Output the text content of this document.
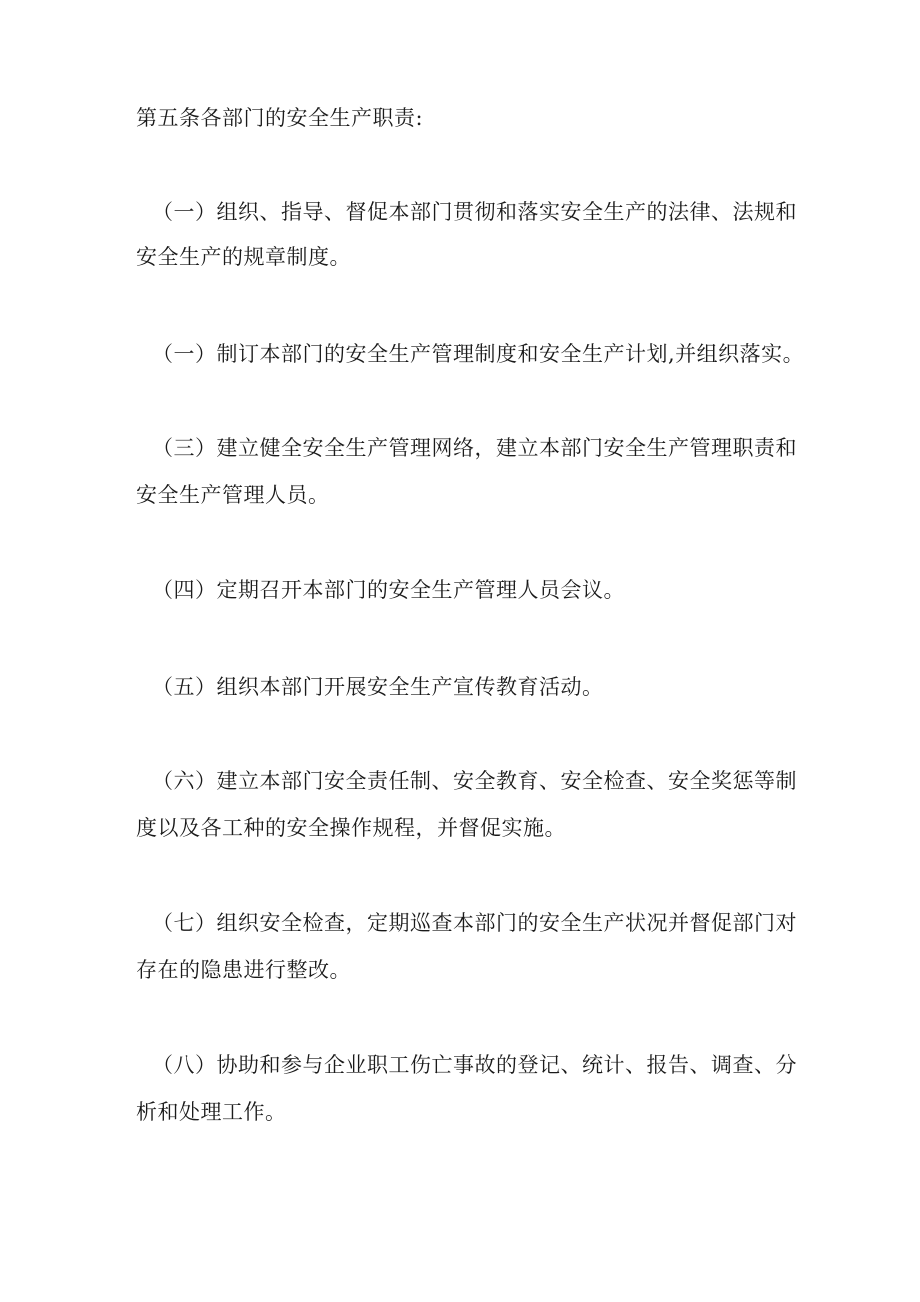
第五条各部门的安全生产职责:
（一）组织、指导、督促本部门贯彻和落实安全生产的法律、法规和
安全生产的规章制度。
（一）制订本部门的安全生产管理制度和安全生产计划,并组织落实。
（三）建立健全安全生产管理网络，建立本部门安全生产管理职责和
安全生产管理人员。
（四）定期召开本部门的安全生产管理人员会议。
（五）组织本部门开展安全生产宣传教育活动。
（六）建立本部门安全责任制、安全教育、安全检查、安全奖惩等制
度以及各工种的安全操作规程，并督促实施。
（七）组织安全检查，定期巡查本部门的安全生产状况并督促部门对
存在的隐患进行整改。
（八）协助和参与企业职工伤亡事故的登记、统计、报告、调查、分
析和处理工作。
